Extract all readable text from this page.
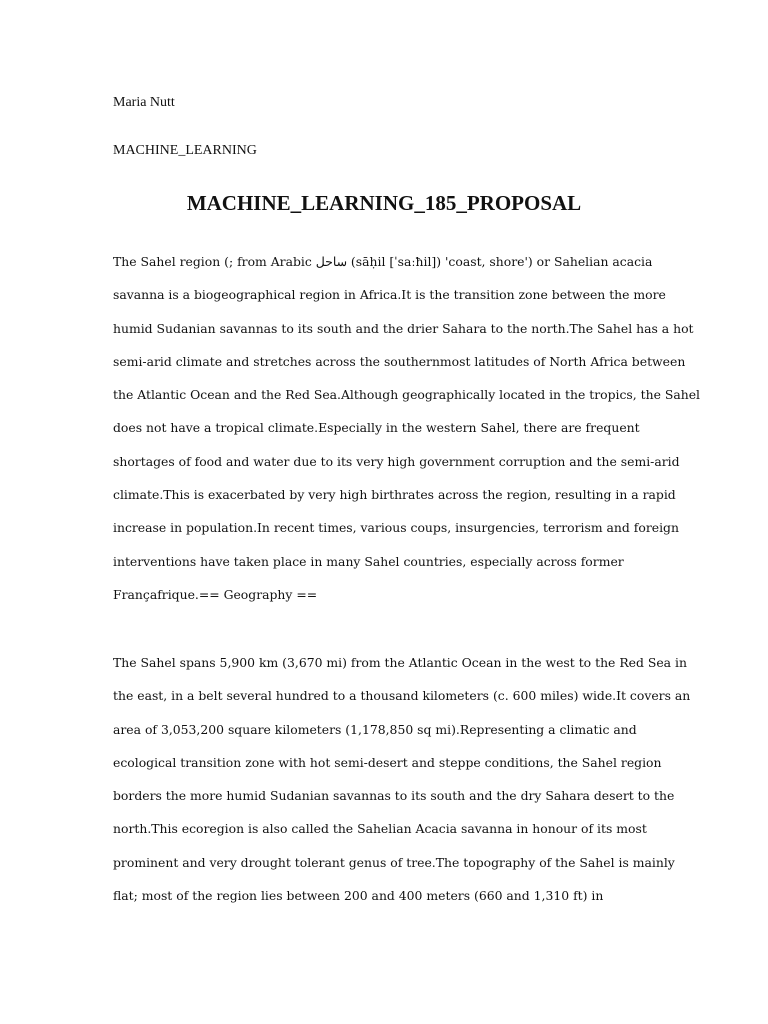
Maria Nutt
MACHINE_LEARNING
MACHINE_LEARNING_185_PROPOSAL

The Sahel region (; from Arabic ساحل (sāḥil [ˈsaːħil]) 'coast, shore') or Sahelian acacia
savanna is a biogeographical region in Africa.It is the transition zone between the more
humid Sudanian savannas to its south and the drier Sahara to the north.The Sahel has a hot
semi-arid climate and stretches across the southernmost latitudes of North Africa between
the Atlantic Ocean and the Red Sea.Although geographically located in the tropics, the Sahel
does not have a tropical climate.Especially in the western Sahel, there are frequent
shortages of food and water due to its very high government corruption and the semi-arid
climate.This is exacerbated by very high birthrates across the region, resulting in a rapid
increase in population.In recent times, various coups, insurgencies, terrorism and foreign
interventions have taken place in many Sahel countries, especially across former
Françafrique.== Geography ==

The Sahel spans 5,900 km (3,670 mi) from the Atlantic Ocean in the west to the Red Sea in
the east, in a belt several hundred to a thousand kilometers (c. 600 miles) wide.It covers an
area of 3,053,200 square kilometers (1,178,850 sq mi).Representing a climatic and
ecological transition zone with hot semi-desert and steppe conditions, the Sahel region
borders the more humid Sudanian savannas to its south and the dry Sahara desert to the
north.This ecoregion is also called the Sahelian Acacia savanna in honour of its most
prominent and very drought tolerant genus of tree.The topography of the Sahel is mainly
flat; most of the region lies between 200 and 400 meters (660 and 1,310 ft) in
